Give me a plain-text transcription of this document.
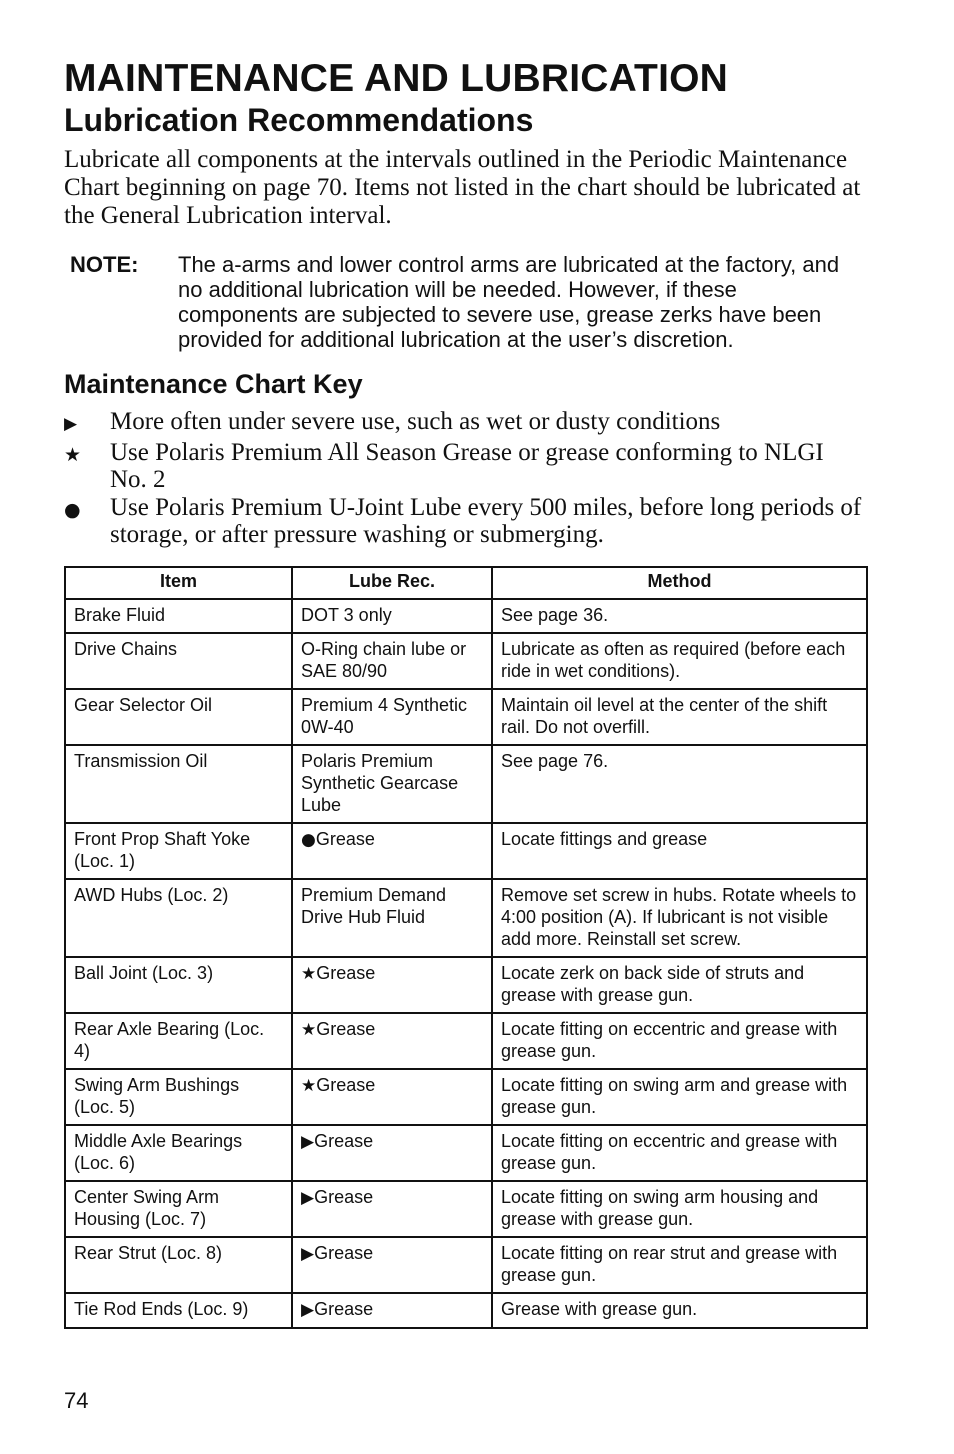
MAINTENANCE AND LUBRICATION
Lubrication Recommendations

Lubricate all components at the intervals outlined in the Periodic Maintenance Chart beginning on page 70. Items not listed in the chart should be lubricated at the General Lubrication interval.

NOTE:	The a-arms and lower control arms are lubricated at the factory, and no additional lubrication will be needed. However, if these components are subjected to severe use, grease zerks have been provided for additional lubrication at the user’s discretion.
Maintenance Chart Key
▶	More often under severe use, such as wet or dusty conditions
★	Use Polaris Premium All Season Grease or grease conforming to NLGI No. 2
●	Use Polaris Premium U-Joint Lube every 500 miles, before long periods of storage, or after pressure washing or submerging.
Item	Lube Rec.	Method
Brake Fluid	DOT 3 only	See page 36.
Drive Chains	O-Ring chain lube or SAE 80/90	Lubricate as often as required (before each ride in wet conditions).
Gear Selector Oil	Premium 4 Synthetic 0W-40	Maintain oil level at the center of the shift rail. Do not overfill.
Transmission Oil	Polaris Premium Synthetic Gearcase Lube	See page 76.
Front Prop Shaft Yoke (Loc. 1)	●Grease	Locate fittings and grease
AWD Hubs (Loc. 2)	Premium Demand Drive Hub Fluid	Remove set screw in hubs. Rotate wheels to 4:00 position (A). If lubricant is not visible add more. Reinstall set screw.
Ball Joint (Loc. 3)	★Grease	Locate zerk on back side of struts and grease with grease gun.
Rear Axle Bearing (Loc. 4)	★Grease	Locate fitting on eccentric and grease with grease gun.
Swing Arm Bushings (Loc. 5)	★Grease	Locate fitting on swing arm and grease with grease gun.
Middle Axle Bearings (Loc. 6)	▶Grease	Locate fitting on eccentric and grease with grease gun.
Center Swing Arm Housing (Loc. 7)	▶Grease	Locate fitting on swing arm housing and grease with grease gun.
Rear Strut (Loc. 8)	▶Grease	Locate fitting on rear strut and grease with grease gun.
Tie Rod Ends (Loc. 9)	▶Grease	Grease with grease gun.
74
